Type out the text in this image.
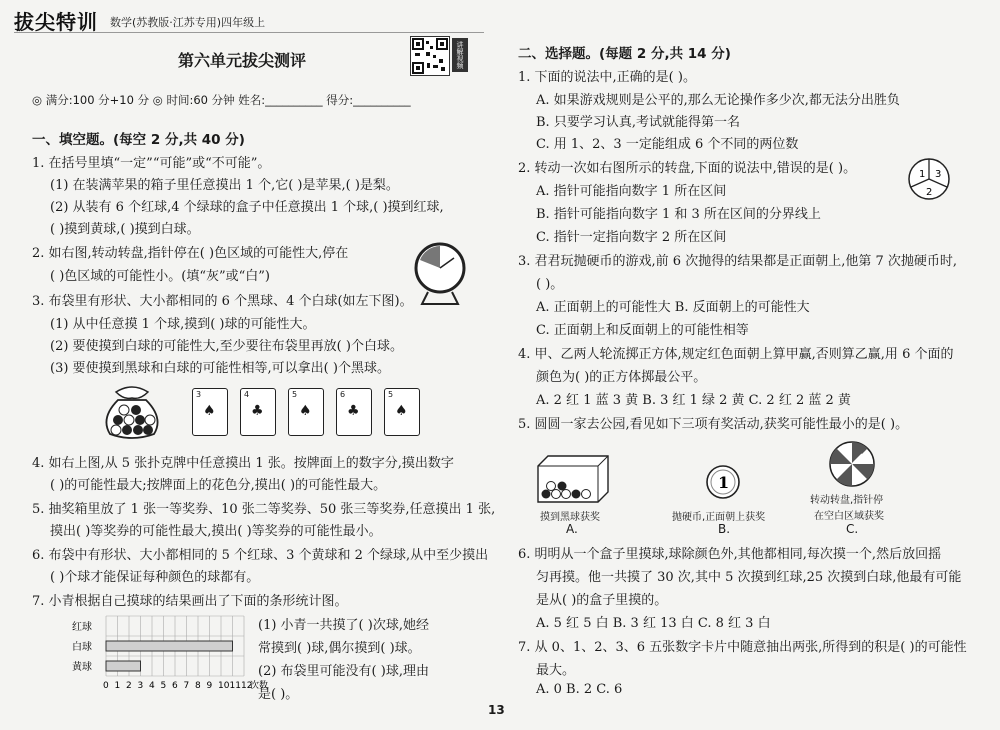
拔尖特训 数学(苏教版·江苏专用)四年级上
第六单元拔尖测评	讲解视频
◎ 满分:100 分+10 分 ◎ 时间:60 分钟 姓名:__________ 得分:__________
一、填空题。(每空 2 分,共 40 分)
1. 在括号里填“一定”“可能”或“不可能”。
(1) 在装满苹果的箱子里任意摸出 1 个,它( )是苹果,( )是梨。
(2) 从装有 6 个红球,4 个绿球的盒子中任意摸出 1 个球,( )摸到红球,
( )摸到黄球,( )摸到白球。
2. 如右图,转动转盘,指针停在( )色区域的可能性大,停在
( )色区域的可能性小。(填“灰”或“白”)
3. 布袋里有形状、大小都相同的 6 个黑球、4 个白球(如左下图)。
(1) 从中任意摸 1 个球,摸到( )球的可能性大。
(2) 要使摸到白球的可能性大,至少要往布袋里再放( )个白球。
(3) 要使摸到黑球和白球的可能性相等,可以拿出( )个黑球。
4. 如右上图,从 5 张扑克牌中任意摸出 1 张。按牌面上的数字分,摸出数字
( )的可能性最大;按牌面上的花色分,摸出( )的可能性最大。
5. 抽奖箱里放了 1 张一等奖券、10 张二等奖券、50 张三等奖券,任意摸出 1 张,
摸出( )等奖券的可能性最大,摸出( )等奖券的可能性最小。
6. 布袋中有形状、大小都相同的 5 个红球、3 个黄球和 2 个绿球,从中至少摸出
( )个球才能保证每种颜色的球都有。
7. 小青根据自己摸球的结果画出了下面的条形统计图。
(1) 小青一共摸了( )次球,她经
常摸到( )球,偶尔摸到( )球。
(2) 布袋里可能没有( )球,理由
是( )。
二、选择题。(每题 2 分,共 14 分)
1. 下面的说法中,正确的是( )。
A. 如果游戏规则是公平的,那么无论操作多少次,都无法分出胜负
B. 只要学习认真,考试就能得第一名
C. 用 1、2、3 一定能组成 6 个不同的两位数
2. 转动一次如右图所示的转盘,下面的说法中,错误的是( )。
A. 指针可能指向数字 1 所在区间
B. 指针可能指向数字 1 和 3 所在区间的分界线上
C. 指针一定指向数字 2 所在区间
3. 君君玩抛硬币的游戏,前 6 次抛得的结果都是正面朝上,他第 7 次抛硬币时,
( )。
A. 正面朝上的可能性大 B. 反面朝上的可能性大
C. 正面朝上和反面朝上的可能性相等
4. 甲、乙两人轮流掷正方体,规定红色面朝上算甲赢,否则算乙赢,用 6 个面的
颜色为( )的正方体掷最公平。
A. 2 红 1 蓝 3 黄 B. 3 红 1 绿 2 黄 C. 2 红 2 蓝 2 黄
5. 圆圆一家去公园,看见如下三项有奖活动,获奖可能性最小的是( )。
6. 明明从一个盒子里摸球,球除颜色外,其他都相同,每次摸一个,然后放回摇
匀再摸。他一共摸了 30 次,其中 5 次摸到红球,25 次摸到白球,他最有可能
是从( )的盒子里摸的。
A. 5 红 5 白 B. 3 红 13 白 C. 8 红 3 白
7. 从 0、1、2、3、6 五张数字卡片中随意抽出两张,所得到的积是( )的可能性
最大。
A. 0 B. 2 C. 6
3
♠
4
♣
5
♠
6
♣
5
♠
红球
白球
黄球
0 1 2 3 4 5 6 7 8 9 10 11 12
次数
1 3
2
摸到黑球获奖
A.
1
抛硬币,正面朝上获奖
B.
转动转盘,指针停
在空白区域获奖
C.
13
